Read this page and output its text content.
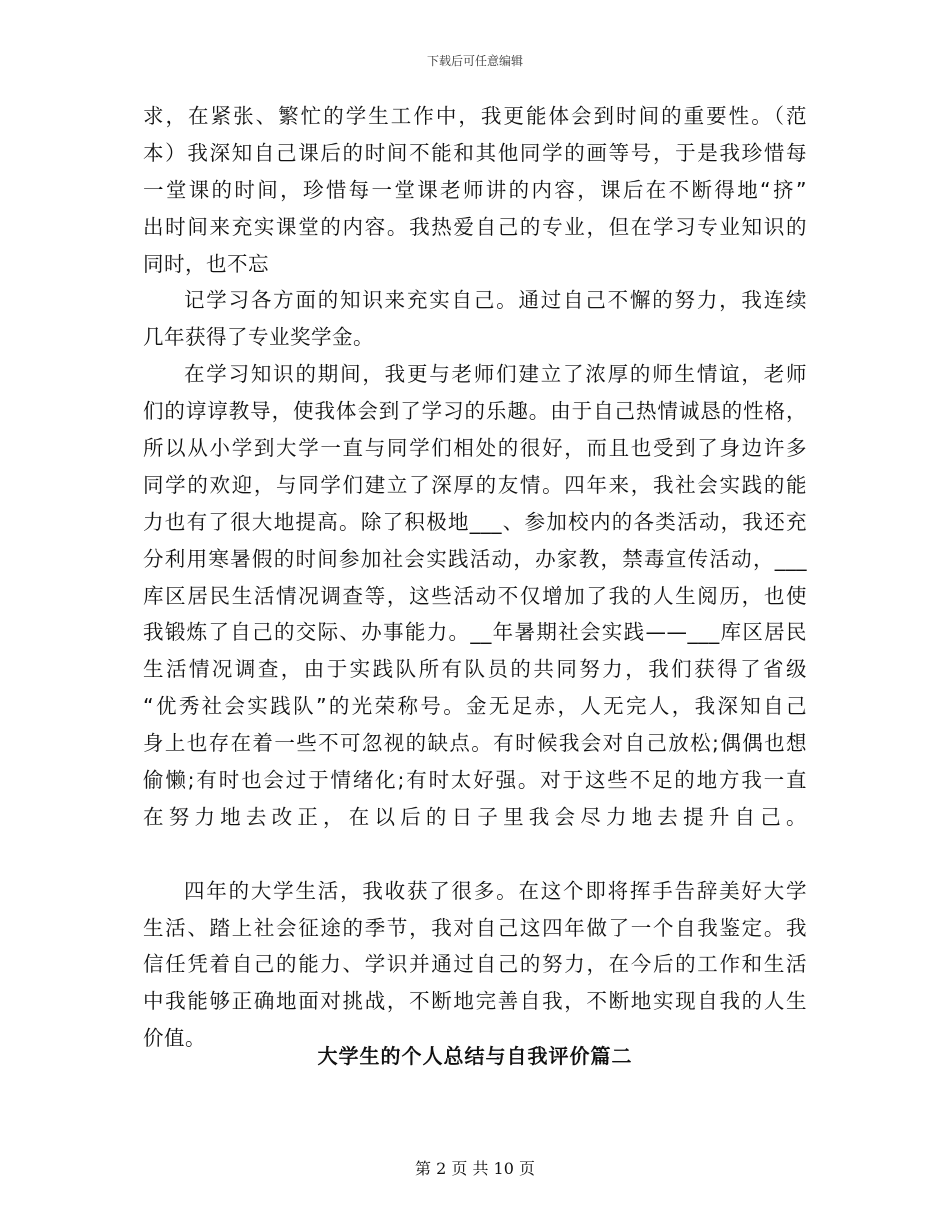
下载后可任意编辑
求，在紧张、繁忙的学生工作中，我更能体会到时间的重要性。（范
本）我深知自己课后的时间不能和其他同学的画等号，于是我珍惜每
一堂课的时间，珍惜每一堂课老师讲的内容，课后在不断得地“挤”
出时间来充实课堂的内容。我热爱自己的专业，但在学习专业知识的
同时，也不忘
记学习各方面的知识来充实自己。通过自己不懈的努力，我连续
几年获得了专业奖学金。
在学习知识的期间，我更与老师们建立了浓厚的师生情谊，老师
们的谆谆教导，使我体会到了学习的乐趣。由于自己热情诚恳的性格，
所以从小学到大学一直与同学们相处的很好，而且也受到了身边许多
同学的欢迎，与同学们建立了深厚的友情。四年来，我社会实践的能
力也有了很大地提高。除了积极地___、参加校内的各类活动，我还充
分利用寒暑假的时间参加社会实践活动，办家教，禁毒宣传活动，___
库区居民生活情况调查等，这些活动不仅增加了我的人生阅历，也使
我锻炼了自己的交际、办事能力。__年暑期社会实践——___库区居民
生活情况调查，由于实践队所有队员的共同努力，我们获得了省级
“优秀社会实践队”的光荣称号。金无足赤，人无完人，我深知自己
身上也存在着一些不可忽视的缺点。有时候我会对自己放松;偶偶也想
偷懒;有时也会过于情绪化;有时太好强。对于这些不足的地方我一直
在努力地去改正，在以后的日子里我会尽力地去提升自己。
四年的大学生活，我收获了很多。在这个即将挥手告辞美好大学
生活、踏上社会征途的季节，我对自己这四年做了一个自我鉴定。我
信任凭着自己的能力、学识并通过自己的努力，在今后的工作和生活
中我能够正确地面对挑战，不断地完善自我，不断地实现自我的人生
价值。
大学生的个人总结与自我评价篇二
第 2 页 共 10 页
